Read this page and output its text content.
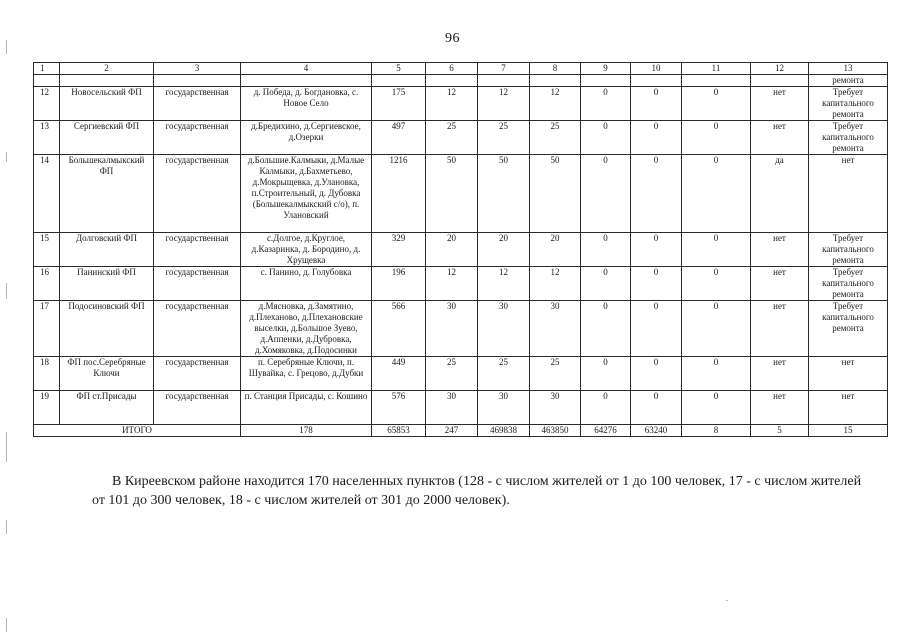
96
1	2	3	4	5	6	7	8	9	10	11	12	13
												ремонта
12	Новосельский ФП	государственная	д. Победа, д. Богдановка, с. Новое Село	175	12	12	12	0	0	0	нет	Требует капитального ремонта
13	Сергиевский ФП	государственная	д.Бредихино, д.Сергиевское, д.Озерки	497	25	25	25	0	0	0	нет	Требует капитального ремонта
14	Большекалмыкский ФП	государственная	д.Большие.Калмыки, д.Малые Калмыки, д.Бахметьево, д.Мокрыщевка, д.Улановка, п.Строительный, д. Дубовка (Большекалмыкский с/о), п. Улановский	1216	50	50	50	0	0	0	да	нет
15	Долговский ФП	государственная	с.Долгое, д.Круглое, д.Казаринка, д. Бородино, д. Хрущевка	329	20	20	20	0	0	0	нет	Требует капитального ремонта
16	Панинский ФП	государственная	с. Панино, д. Голубовка	196	12	12	12	0	0	0	нет	Требует капитального ремонта
17	Подосиновский ФП	государственная	д.Мясновка, д.Замятино, д.Плеханово, д.Плехановские выселки, д.Большое Зуево, д.Аппенки, д.Дубровка, д.Хомяковка, д.Подосинки	566	30	30	30	0	0	0	нет	Требует капитального ремонта
18	ФП пос.Серебряные Ключи	государственная	п. Серебряные Ключи, п. Шувайка, с. Грецово, д.Дубки	449	25	25	25	0	0	0	нет	нет
19	ФП ст.Присады	государственная	п. Станция Присады, с. Кошино	576	30	30	30	0	0	0	нет	нет
ИТОГО			178	65853	247	469838	463850	64276	63240	8	5	15
В Киреевском районе находится 170 населенных пунктов (128 - с числом жителей от 1 до 100 человек, 17 - с числом жителей от 101 до 300 человек, 18 - с числом жителей от 301 до 2000 человек).
